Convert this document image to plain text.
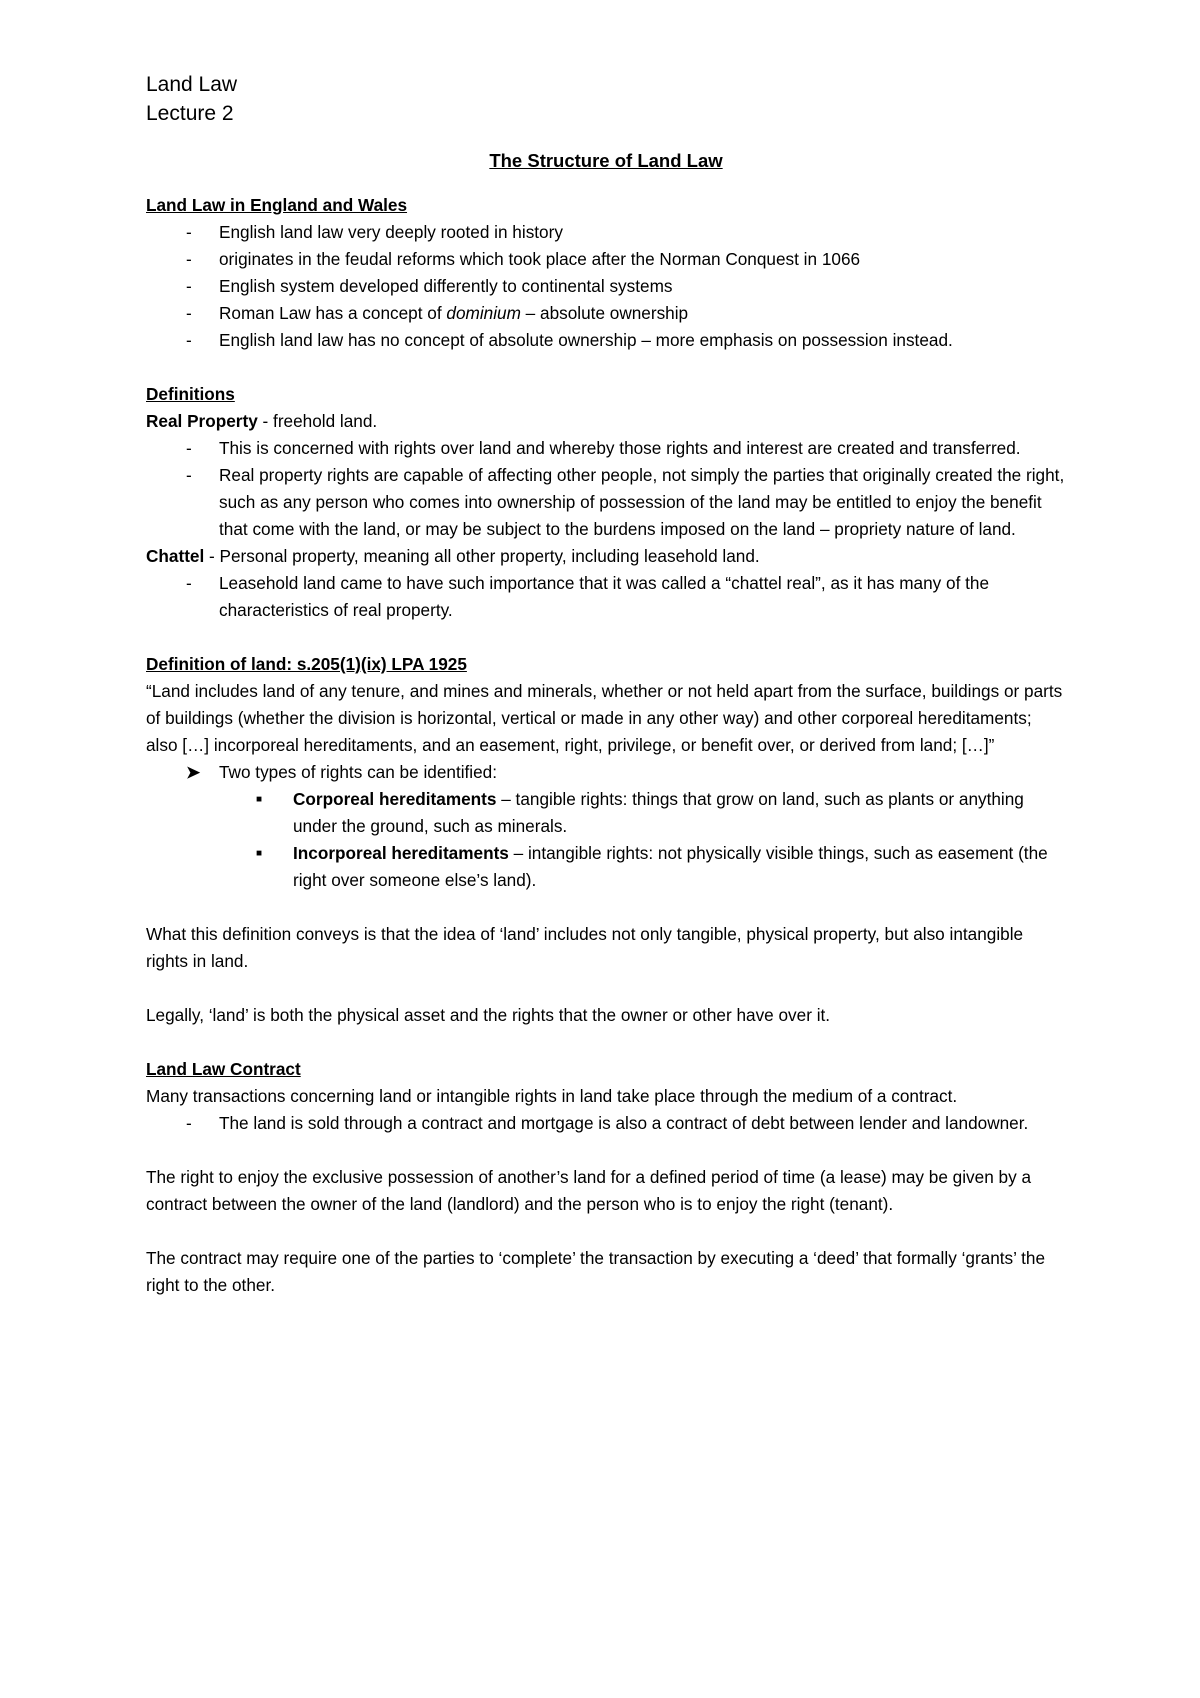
Land Law
Lecture 2
The Structure of Land Law
Land Law in England and Wales
- English land law very deeply rooted in history
- originates in the feudal reforms which took place after the Norman Conquest in 1066
- English system developed differently to continental systems
- Roman Law has a concept of dominium – absolute ownership
- English land law has no concept of absolute ownership – more emphasis on possession instead.
Definitions
Real Property - freehold land.
- This is concerned with rights over land and whereby those rights and interest are created and transferred.
- Real property rights are capable of affecting other people, not simply the parties that originally created the right, such as any person who comes into ownership of possession of the land may be entitled to enjoy the benefit that come with the land, or may be subject to the burdens imposed on the land – propriety nature of land.
Chattel - Personal property, meaning all other property, including leasehold land.
- Leasehold land came to have such importance that it was called a “chattel real”, as it has many of the characteristics of real property.
Definition of land: s.205(1)(ix) LPA 1925
“Land includes land of any tenure, and mines and minerals, whether or not held apart from the surface, buildings or parts of buildings (whether the division is horizontal, vertical or made in any other way) and other corporeal hereditaments; also […] incorporeal hereditaments, and an easement, right, privilege, or benefit over, or derived from land; […]”
➤ Two types of rights can be identified:
■ Corporeal hereditaments – tangible rights: things that grow on land, such as plants or anything under the ground, such as minerals.
■ Incorporeal hereditaments – intangible rights: not physically visible things, such as easement (the right over someone else’s land).
What this definition conveys is that the idea of ‘land’ includes not only tangible, physical property, but also intangible rights in land.
Legally, ‘land’ is both the physical asset and the rights that the owner or other have over it.
Land Law Contract
Many transactions concerning land or intangible rights in land take place through the medium of a contract.
- The land is sold through a contract and mortgage is also a contract of debt between lender and landowner.
The right to enjoy the exclusive possession of another’s land for a defined period of time (a lease) may be given by a contract between the owner of the land (landlord) and the person who is to enjoy the right (tenant).
The contract may require one of the parties to ‘complete’ the transaction by executing a ‘deed’ that formally ‘grants’ the right to the other.
